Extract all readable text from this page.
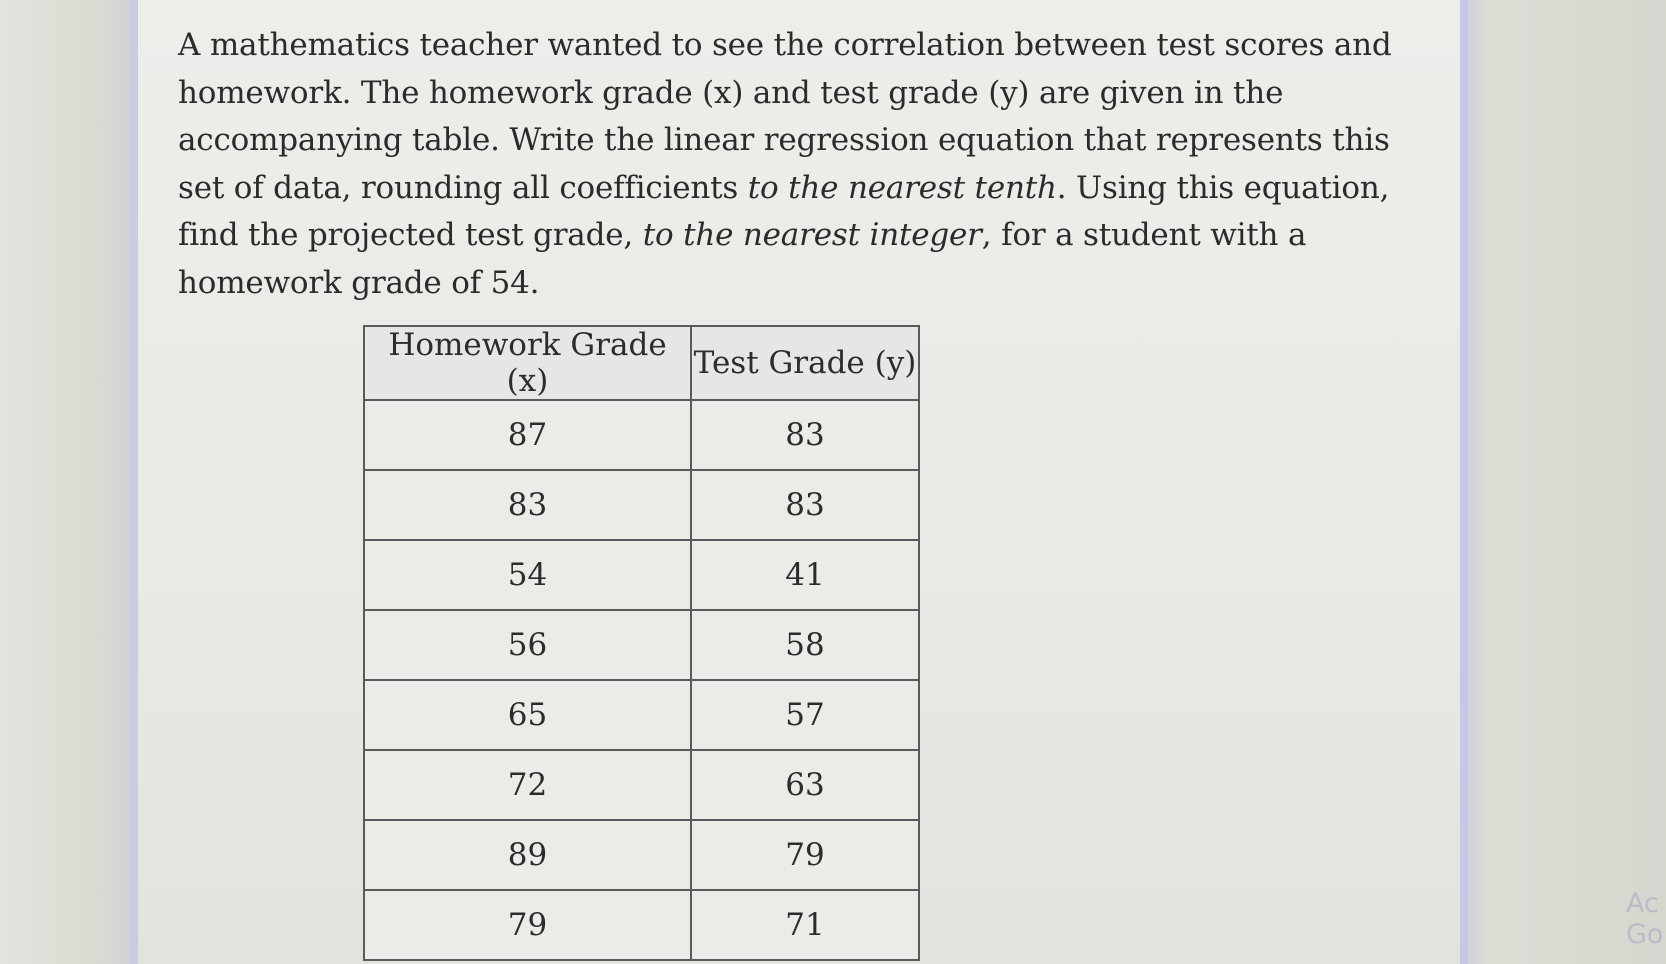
A mathematics teacher wanted to see the correlation between test scores and homework. The homework grade (x) and test grade (y) are given in the accompanying table. Write the linear regression equation that represents this set of data, rounding all coefficients to the nearest tenth. Using this equation, find the projected test grade, to the nearest integer, for a student with a homework grade of 54.

Homework Grade (x)	Test Grade (y)
87	83
83	83
54	41
56	58
65	57
72	63
89	79
79	71
Ac
Go
